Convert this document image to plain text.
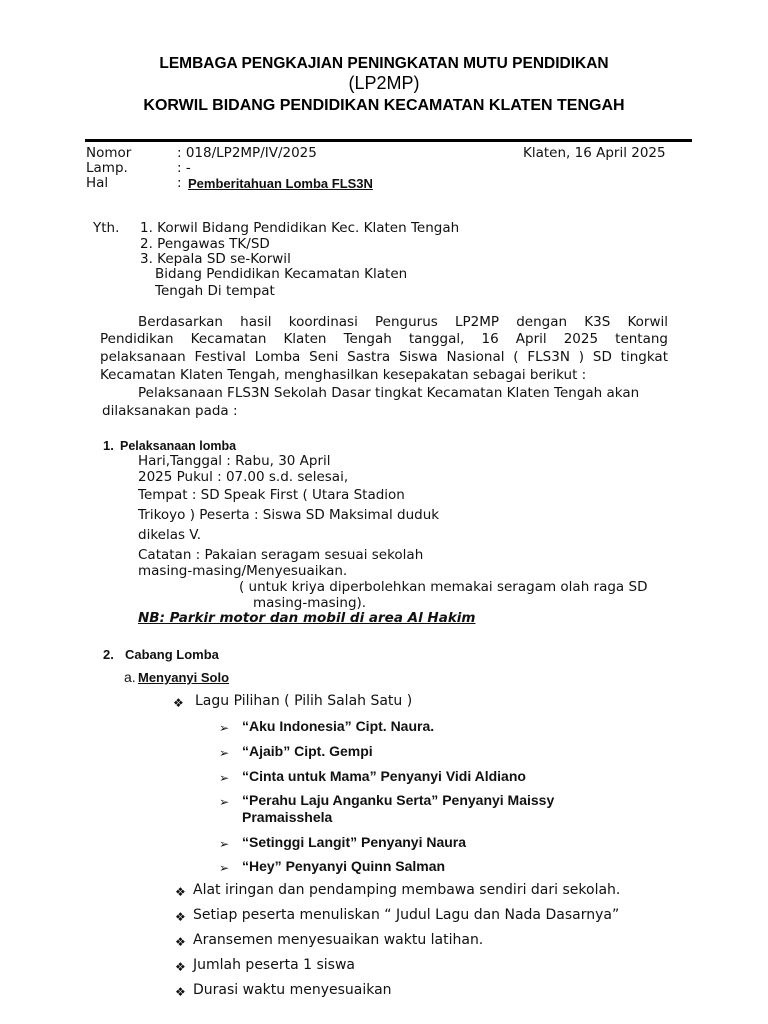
LEMBAGA PENGKAJIAN PENINGKATAN MUTU PENDIDIKAN
(LP2MP)
KORWIL BIDANG PENDIDIKAN KECAMATAN KLATEN TENGAH
Nomor	: 018/LP2MP/IV/2025	Klaten, 16 April 2025
Lamp.	: -
Hal	: Pemberitahuan Lomba FLS3N
Yth. 1. Korwil Bidang Pendidikan Kec. Klaten Tengah
2. Pengawas TK/SD
3. Kepala SD se-Korwil
Bidang Pendidikan Kecamatan Klaten
Tengah Di tempat
Berdasarkan hasil koordinasi Pengurus LP2MP dengan K3S Korwil
Pendidikan Kecamatan Klaten Tengah tanggal, 16 April 2025 tentang
pelaksanaan Festival Lomba Seni Sastra Siswa Nasional ( FLS3N ) SD tingkat
Kecamatan Klaten Tengah, menghasilkan kesepakatan sebagai berikut :
Pelaksanaan FLS3N Sekolah Dasar tingkat Kecamatan Klaten Tengah akan
dilaksanakan pada :
1. Pelaksanaan lomba
Hari,Tanggal : Rabu, 30 April
2025 Pukul : 07.00 s.d. selesai,
Tempat : SD Speak First ( Utara Stadion
Trikoyo ) Peserta : Siswa SD Maksimal duduk
dikelas V.
Catatan : Pakaian seragam sesuai sekolah
masing-masing/Menyesuaikan.
( untuk kriya diperbolehkan memakai seragam olah raga SD
masing-masing).
NB: Parkir motor dan mobil di area Al Hakim
2. Cabang Lomba
a. Menyanyi Solo
❖ Lagu Pilihan ( Pilih Salah Satu )
➢ “Aku Indonesia” Cipt. Naura.
➢ “Ajaib” Cipt. Gempi
➢ “Cinta untuk Mama” Penyanyi Vidi Aldiano
➢ “Perahu Laju Anganku Serta” Penyanyi Maissy
Pramaisshela
➢ “Setinggi Langit” Penyanyi Naura
➢ “Hey” Penyanyi Quinn Salman
❖ Alat iringan dan pendamping membawa sendiri dari sekolah.
❖ Setiap peserta menuliskan “ Judul Lagu dan Nada Dasarnya”
❖ Aransemen menyesuaikan waktu latihan.
❖ Jumlah peserta 1 siswa
❖ Durasi waktu menyesuaikan
